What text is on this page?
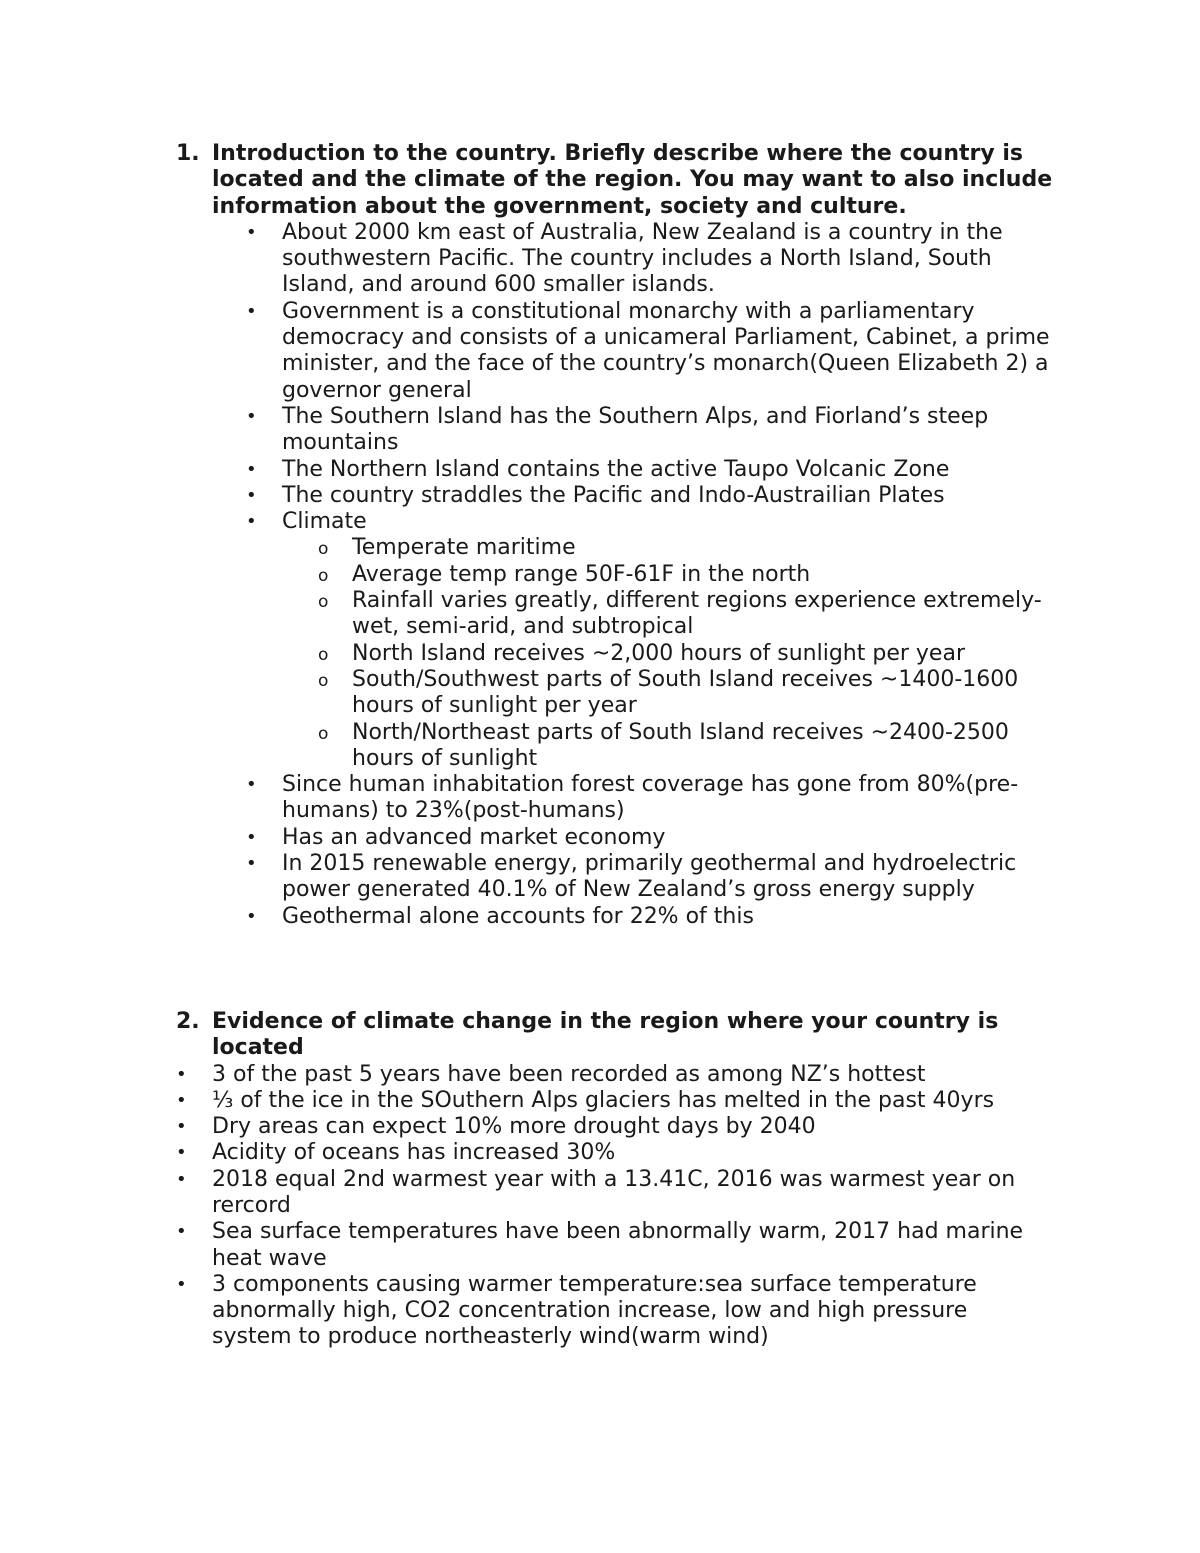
1. Introduction to the country. Briefly describe where the country is located and the climate of the region. You may want to also include information about the government, society and culture.
• About 2000 km east of Australia, New Zealand is a country in the southwestern Pacific. The country includes a North Island, South Island, and around 600 smaller islands.
• Government is a constitutional monarchy with a parliamentary democracy and consists of a unicameral Parliament, Cabinet, a prime minister, and the face of the country’s monarch(Queen Elizabeth 2) a governor general
• The Southern Island has the Southern Alps, and Fiorland’s steep mountains
• The Northern Island contains the active Taupo Volcanic Zone
• The country straddles the Pacific and Indo-Austrailian Plates
• Climate
o Temperate maritime
o Average temp range 50F-61F in the north
o Rainfall varies greatly, different regions experience extremely-wet, semi-arid, and subtropical
o North Island receives ~2,000 hours of sunlight per year
o South/Southwest parts of South Island receives ~1400-1600 hours of sunlight per year
o North/Northeast parts of South Island receives ~2400-2500 hours of sunlight
• Since human inhabitation forest coverage has gone from 80%(pre-humans) to 23%(post-humans)
• Has an advanced market economy
• In 2015 renewable energy, primarily geothermal and hydroelectric power generated 40.1% of New Zealand’s gross energy supply
• Geothermal alone accounts for 22% of this
2. Evidence of climate change in the region where your country is located
• 3 of the past 5 years have been recorded as among NZ’s hottest
• ⅓ of the ice in the SOuthern Alps glaciers has melted in the past 40yrs
• Dry areas can expect 10% more drought days by 2040
• Acidity of oceans has increased 30%
• 2018 equal 2nd warmest year with a 13.41C, 2016 was warmest year on rercord
• Sea surface temperatures have been abnormally warm, 2017 had marine heat wave
• 3 components causing warmer temperature:sea surface temperature abnormally high, CO2 concentration increase, low and high pressure system to produce northeasterly wind(warm wind)
